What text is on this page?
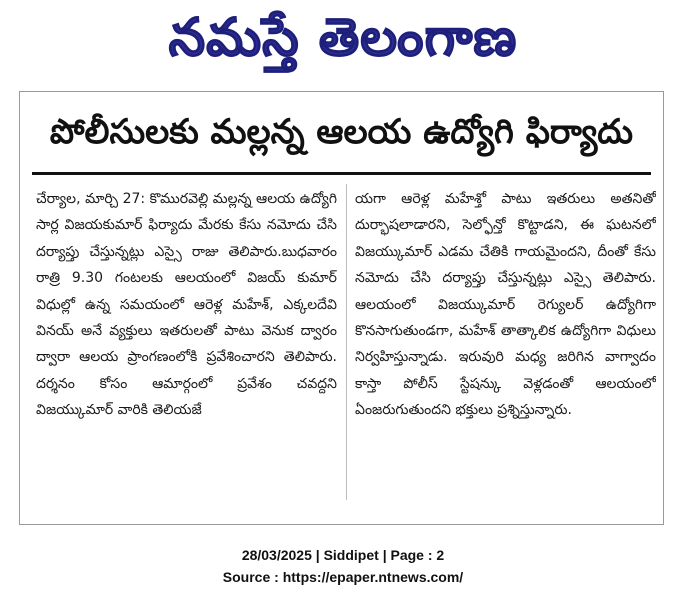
నమస్తే తెలంగాణ
పోలీసులకు మల్లన్న ఆలయ ఉద్యోగి ఫిర్యాదు
చేర్యాల, మార్చి 27: కొమురవెల్లి మల్లన్న ఆలయ ఉద్యోగి సార్ల విజయకుమార్ ఫిర్యాదు మేరకు కేసు నమోదు చేసి దర్యాప్తు చేస్తున్నట్లు ఎస్సై రాజు తెలిపారు.బుధవారం రాత్రి 9.30 గంటలకు ఆలయంలో విజయ్ కుమార్ విధుల్లో ఉన్న సమయంలో ఆరెళ్ల మహేశ్, ఎక్కలదేవి వినయ్ అనే వ్యక్తులు ఇతరులతో పాటు వెనుక ద్వారం ద్వారా ఆలయ ప్రాంగణంలోకి ప్రవేశించారని తెలిపారు. దర్శనం కోసం ఆమార్గంలో ప్రవేశం చవద్దని విజయ్కుమార్ వారికి తెలియజే
యగా ఆరెళ్ల మహేశ్తో పాటు ఇతరులు అతనితో దుర్భాషలాడారని, సెల్ఫోన్తో కొట్టాడని, ఈ ఘటనలో విజయ్కుమార్ ఎడమ చేతికి గాయమైందని, దీంతో కేసు నమోదు చేసి దర్యాప్తు చేస్తున్నట్లు ఎస్సై తెలిపారు. ఆలయంలో విజయ్కుమార్ రెగ్యులర్ ఉద్యోగిగా కొనసాగుతుండగా, మహేశ్ తాత్కాలిక ఉద్యోగిగా విధులు నిర్వహిస్తున్నాడు. ఇరువురి మధ్య జరిగిన వాగ్వాదం కాస్తా పోలీస్ స్టేషన్కు వెళ్లడంతో ఆలయంలో ఏంజరుగుతుందని భక్తులు ప్రశ్నిస్తున్నారు.
28/03/2025 | Siddipet | Page : 2
Source : https://epaper.ntnews.com/
